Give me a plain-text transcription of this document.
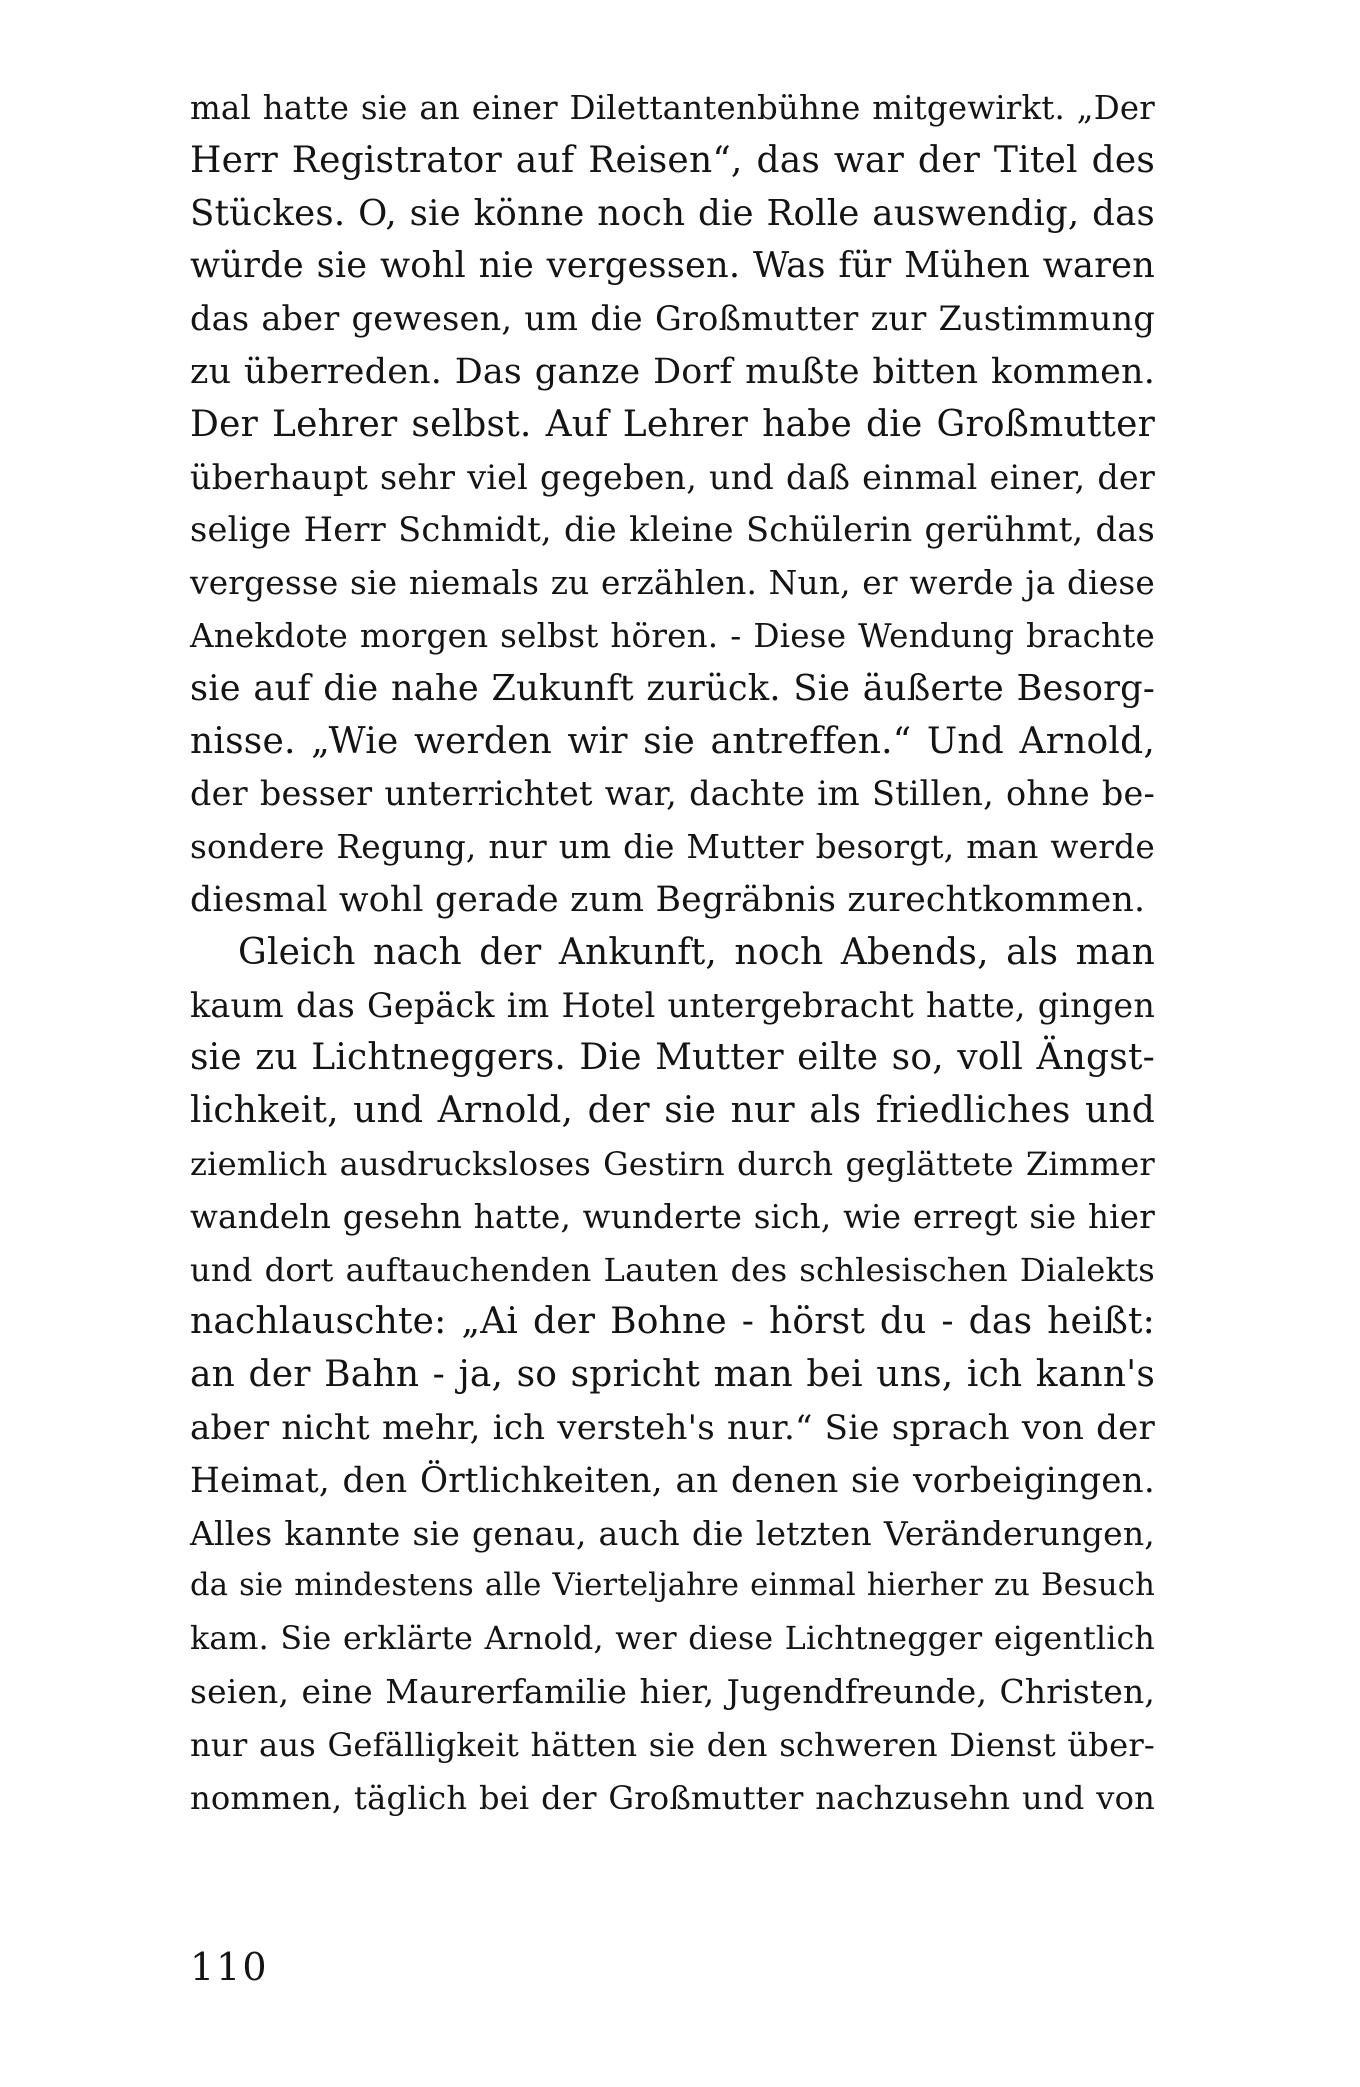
mal hatte sie an einer Dilettantenbühne mitgewirkt. „Der
Herr Registrator auf Reisen“, das war der Titel des
Stückes. O, sie könne noch die Rolle auswendig, das
würde sie wohl nie vergessen. Was für Mühen waren
das aber gewesen, um die Großmutter zur Zustimmung
zu überreden. Das ganze Dorf mußte bitten kommen.
Der Lehrer selbst. Auf Lehrer habe die Großmutter
überhaupt sehr viel gegeben, und daß einmal einer, der
selige Herr Schmidt, die kleine Schülerin gerühmt, das
vergesse sie niemals zu erzählen. Nun, er werde ja diese
Anekdote morgen selbst hören. - Diese Wendung brachte
sie auf die nahe Zukunft zurück. Sie äußerte Besorg-
nisse. „Wie werden wir sie antreffen.“ Und Arnold,
der besser unterrichtet war, dachte im Stillen, ohne be-
sondere Regung, nur um die Mutter besorgt, man werde
diesmal wohl gerade zum Begräbnis zurechtkommen.
Gleich nach der Ankunft, noch Abends, als man
kaum das Gepäck im Hotel untergebracht hatte, gingen
sie zu Lichtneggers. Die Mutter eilte so, voll Ängst-
lichkeit, und Arnold, der sie nur als friedliches und
ziemlich ausdrucksloses Gestirn durch geglättete Zimmer
wandeln gesehn hatte, wunderte sich, wie erregt sie hier
und dort auftauchenden Lauten des schlesischen Dialekts
nachlauschte: „Ai der Bohne - hörst du - das heißt:
an der Bahn - ja, so spricht man bei uns, ich kann's
aber nicht mehr, ich versteh's nur.“ Sie sprach von der
Heimat, den Örtlichkeiten, an denen sie vorbeigingen.
Alles kannte sie genau, auch die letzten Veränderungen,
da sie mindestens alle Vierteljahre einmal hierher zu Besuch
kam. Sie erklärte Arnold, wer diese Lichtnegger eigentlich
seien, eine Maurerfamilie hier, Jugendfreunde, Christen,
nur aus Gefälligkeit hätten sie den schweren Dienst über-
nommen, täglich bei der Großmutter nachzusehn und von
110
